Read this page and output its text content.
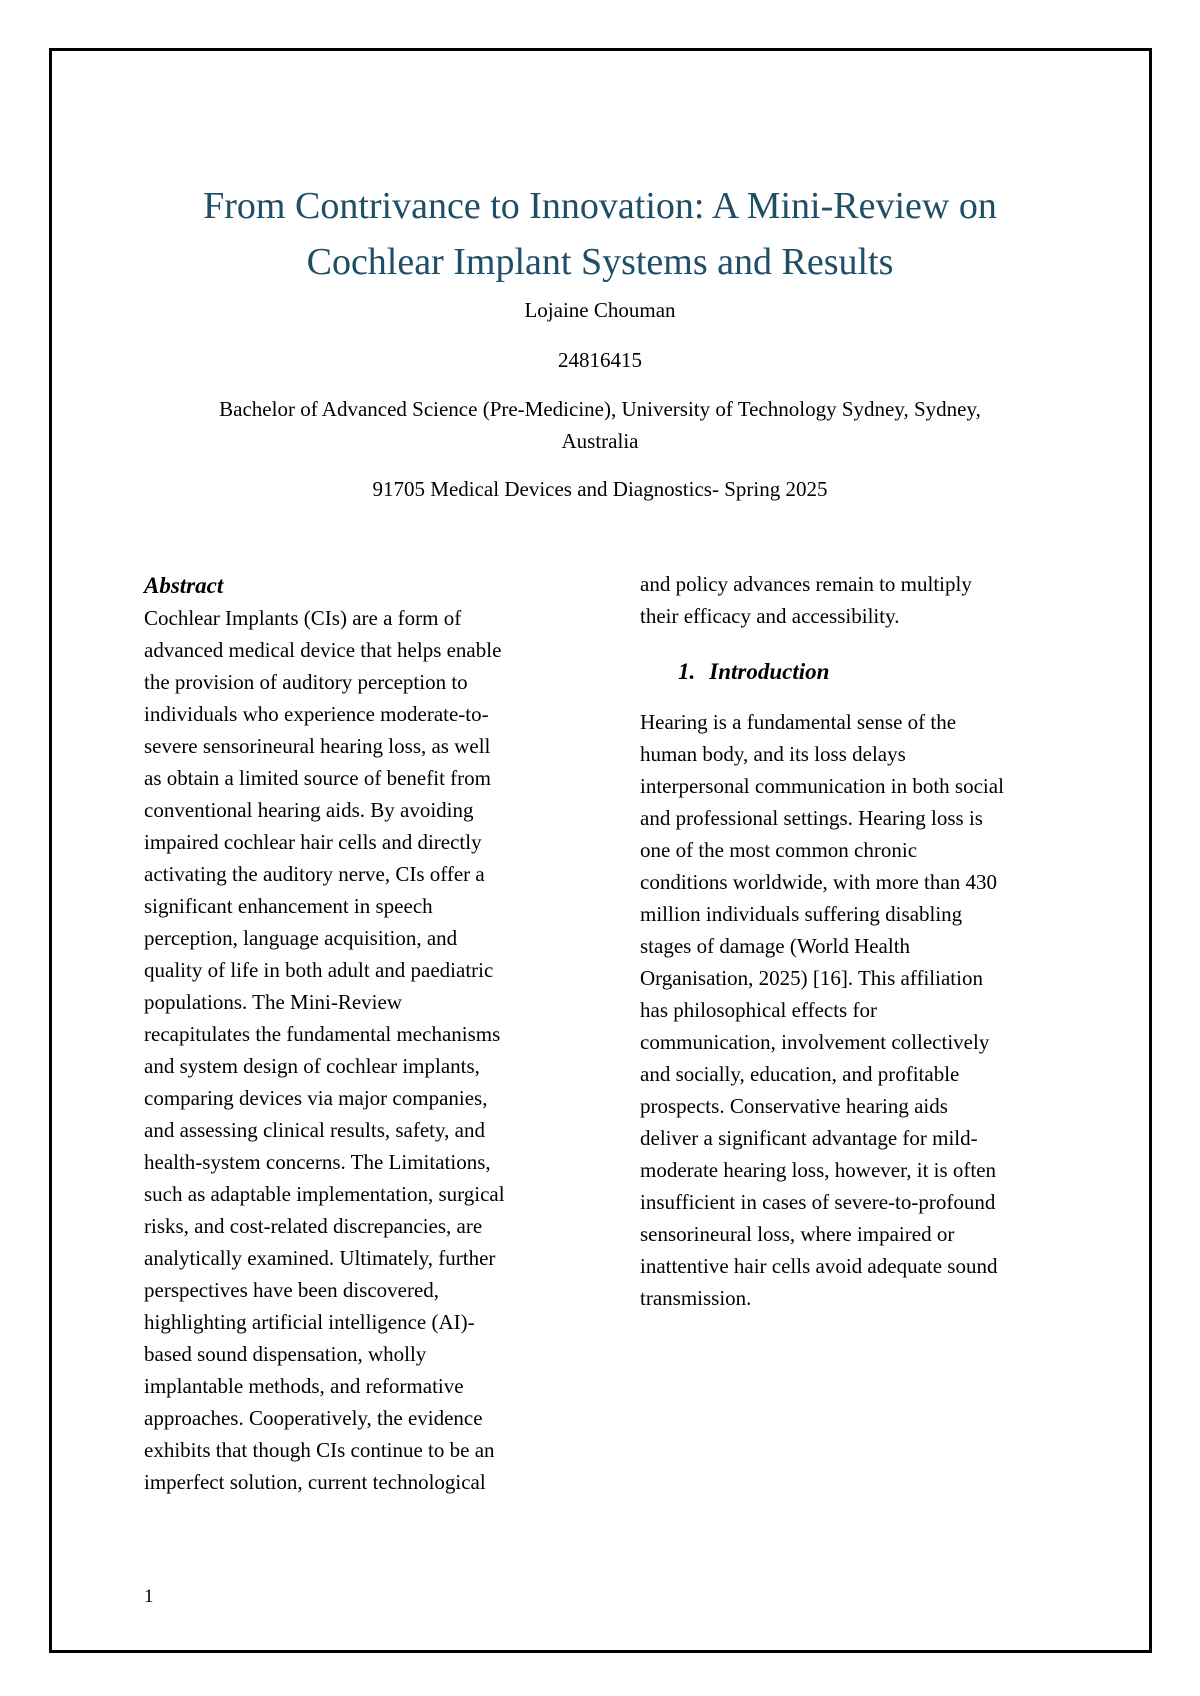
From Contrivance to Innovation: A Mini-Review on
Cochlear Implant Systems and Results

Lojaine Chouman

24816415

Bachelor of Advanced Science (Pre-Medicine), University of Technology Sydney, Sydney,
Australia

91705 Medical Devices and Diagnostics- Spring 2025

Abstract
Cochlear Implants (CIs) are a form of
advanced medical device that helps enable
the provision of auditory perception to
individuals who experience moderate-to-
severe sensorineural hearing loss, as well
as obtain a limited source of benefit from
conventional hearing aids. By avoiding
impaired cochlear hair cells and directly
activating the auditory nerve, CIs offer a
significant enhancement in speech
perception, language acquisition, and
quality of life in both adult and paediatric
populations. The Mini-Review
recapitulates the fundamental mechanisms
and system design of cochlear implants,
comparing devices via major companies,
and assessing clinical results, safety, and
health-system concerns. The Limitations,
such as adaptable implementation, surgical
risks, and cost-related discrepancies, are
analytically examined. Ultimately, further
perspectives have been discovered,
highlighting artificial intelligence (AI)-
based sound dispensation, wholly
implantable methods, and reformative
approaches. Cooperatively, the evidence
exhibits that though CIs continue to be an
imperfect solution, current technological
and policy advances remain to multiply
their efficacy and accessibility.
1. Introduction
Hearing is a fundamental sense of the
human body, and its loss delays
interpersonal communication in both social
and professional settings. Hearing loss is
one of the most common chronic
conditions worldwide, with more than 430
million individuals suffering disabling
stages of damage (World Health
Organisation, 2025) [16]. This affiliation
has philosophical effects for
communication, involvement collectively
and socially, education, and profitable
prospects. Conservative hearing aids
deliver a significant advantage for mild-
moderate hearing loss, however, it is often
insufficient in cases of severe-to-profound
sensorineural loss, where impaired or
inattentive hair cells avoid adequate sound
transmission.
1
